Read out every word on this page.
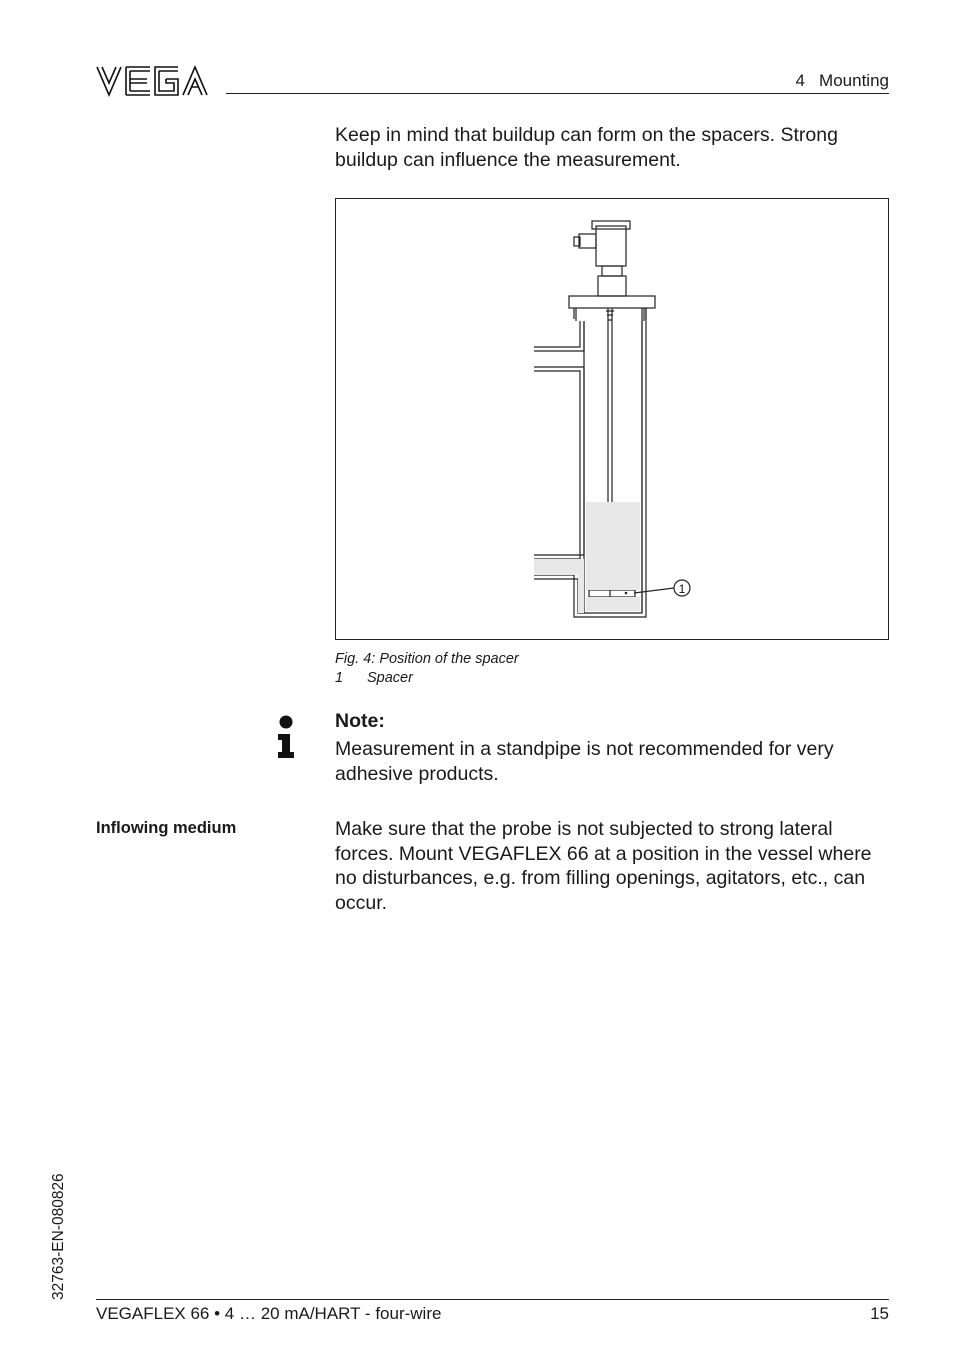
4   Mounting
Keep in mind that buildup can form on the spacers. Strong buildup can influence the measurement.
1
Fig. 4: Position of the spacer
1 Spacer
Note:
Measurement in a standpipe is not recommended for very adhesive products.
Inflowing medium	Make sure that the probe is not subjected to strong lateral forces. Mount VEGAFLEX 66 at a position in the vessel where no disturbances, e.g. from filling openings, agitators, etc., can occur.
32763-EN-080826
VEGAFLEX 66 • 4 … 20 mA/HART - four-wire	15
